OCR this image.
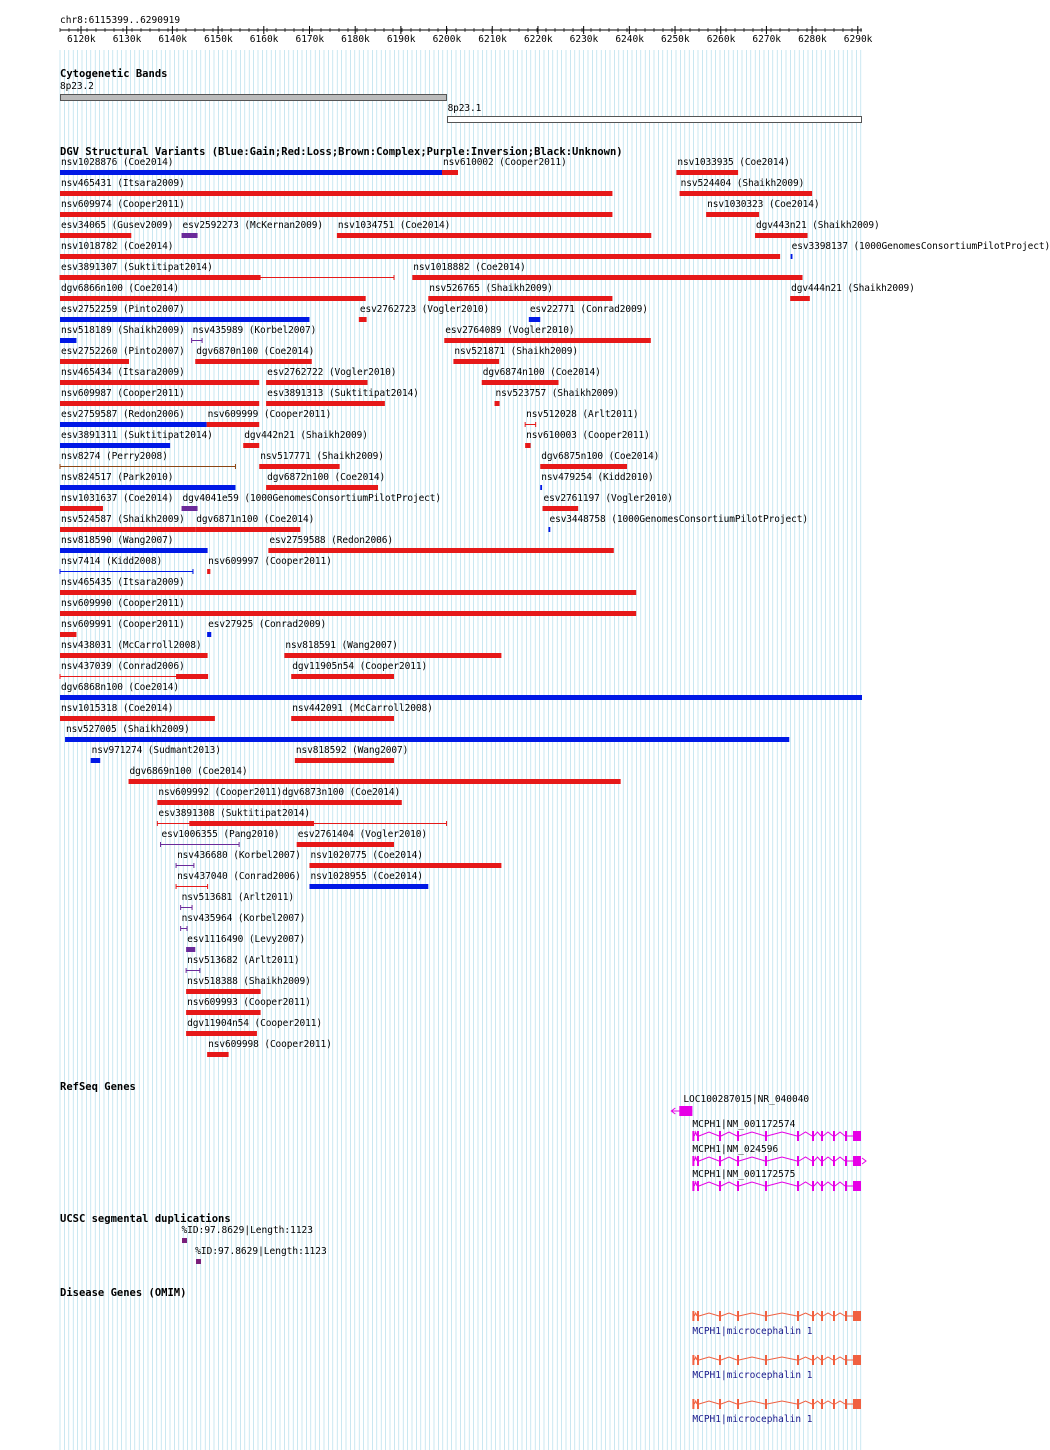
chr8:6115399..6290919
6120k 6130k 6140k 6150k 6160k 6170k 6180k 6190k 6200k 6210k 6220k 6230k 6240k 6250k 6260k 6270k 6280k 6290k
Cytogenetic Bands
8p23.2
8p23.1
DGV Structural Variants (Blue:Gain;Red:Loss;Brown:Complex;Purple:Inversion;Black:Unknown)
nsv1028876 (Coe2014)	nsv610002 (Cooper2011)	nsv1033935 (Coe2014)
nsv465431 (Itsara2009)	nsv524404 (Shaikh2009)
nsv609974 (Cooper2011)	nsv1030323 (Coe2014)
esv34065 (Gusev2009) esv2592273 (McKernan2009) nsv1034751 (Coe2014)	dgv443n21 (Shaikh2009)
nsv1018782 (Coe2014)	esv3398137 (1000GenomesConsortiumPilotProject)
esv3891307 (Suktitipat2014)	nsv1018882 (Coe2014)
dgv6866n100 (Coe2014)	nsv526765 (Shaikh2009)	dgv444n21 (Shaikh2009)
esv2752259 (Pinto2007)	esv2762723 (Vogler2010)	esv22771 (Conrad2009)
nsv518189 (Shaikh2009) nsv435989 (Korbel2007)	esv2764089 (Vogler2010)
esv2752260 (Pinto2007) dgv6870n100 (Coe2014)	nsv521871 (Shaikh2009)
nsv465434 (Itsara2009)	esv2762722 (Vogler2010)	dgv6874n100 (Coe2014)
nsv609987 (Cooper2011)	esv3891313 (Suktitipat2014)	nsv523757 (Shaikh2009)
esv2759587 (Redon2006) nsv609999 (Cooper2011)	nsv512028 (Arlt2011)
esv3891311 (Suktitipat2014)	dgv442n21 (Shaikh2009)	nsv610003 (Cooper2011)
nsv8274 (Perry2008)	nsv517771 (Shaikh2009)	dgv6875n100 (Coe2014)
nsv824517 (Park2010)	dgv6872n100 (Coe2014)	nsv479254 (Kidd2010)
nsv1031637 (Coe2014) dgv4041e59 (1000GenomesConsortiumPilotProject)	esv2761197 (Vogler2010)
nsv524587 (Shaikh2009) dgv6871n100 (Coe2014)	esv3448758 (1000GenomesConsortiumPilotProject)
nsv818590 (Wang2007)	esv2759588 (Redon2006)
nsv7414 (Kidd2008)	nsv609997 (Cooper2011)
nsv465435 (Itsara2009)
nsv609990 (Cooper2011)
nsv609991 (Cooper2011) esv27925 (Conrad2009)
nsv438031 (McCarroll2008)	nsv818591 (Wang2007)
nsv437039 (Conrad2006)	dgv11905n54 (Cooper2011)
dgv6868n100 (Coe2014)
nsv1015318 (Coe2014)	nsv442091 (McCarroll2008)
nsv527005 (Shaikh2009)
nsv971274 (Sudmant2013)	nsv818592 (Wang2007)
dgv6869n100 (Coe2014)
nsv609992 (Cooper2011) dgv6873n100 (Coe2014)
esv3891308 (Suktitipat2014)
esv1006355 (Pang2010) esv2761404 (Vogler2010)
nsv436680 (Korbel2007) nsv1020775 (Coe2014)
nsv437040 (Conrad2006) nsv1028955 (Coe2014)
nsv513681 (Arlt2011)
nsv435964 (Korbel2007)
esv1116490 (Levy2007)
nsv513682 (Arlt2011)
nsv518388 (Shaikh2009)
nsv609993 (Cooper2011)
dgv11904n54 (Cooper2011)
nsv609998 (Cooper2011)
RefSeq Genes
LOC100287015|NR_040040
MCPH1|NM_001172574
MCPH1|NM_024596
MCPH1|NM_001172575
UCSC segmental duplications
%ID:97.8629|Length:1123
%ID:97.8629|Length:1123
Disease Genes (OMIM)
MCPH1|microcephalin 1
MCPH1|microcephalin 1
MCPH1|microcephalin 1
